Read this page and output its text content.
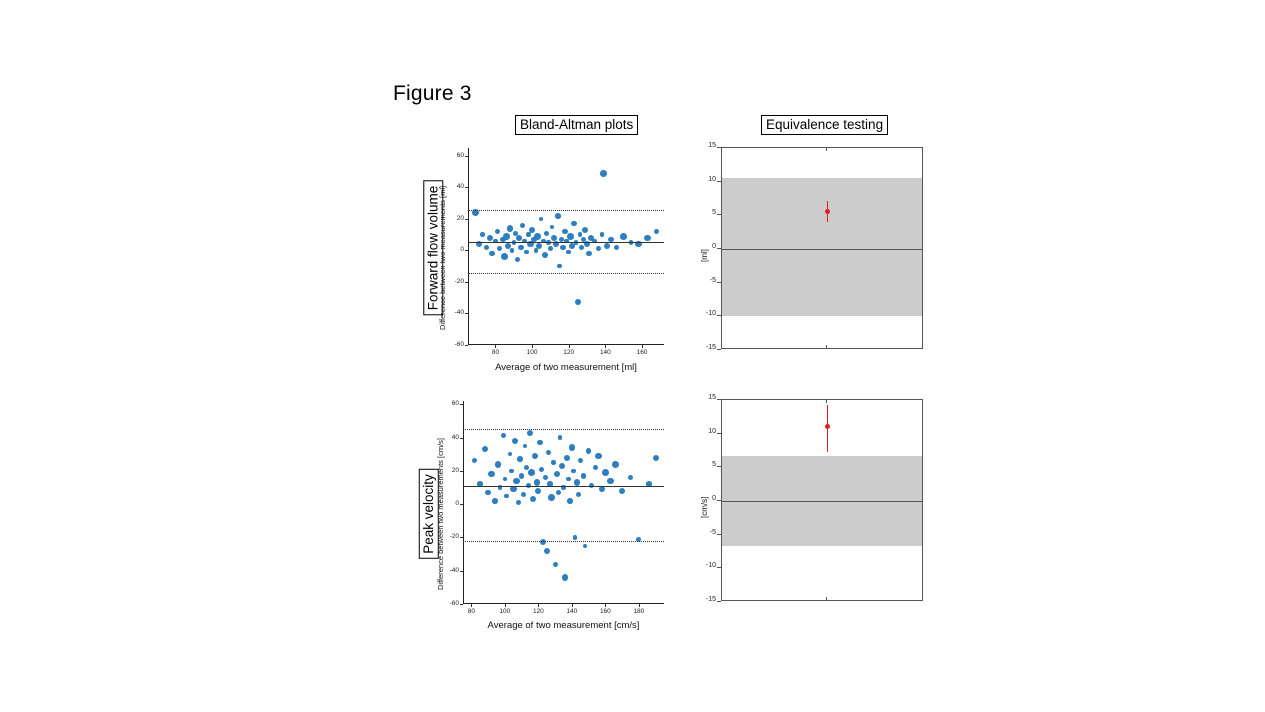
Figure 3
Bland-Altman plots	Equivalence testing
Forward flow volume
Peak velocity
-60
-40
-20
0
20
40
60
80	100	120	140	160
Average of two measurement [ml]
Difference between two measurements [ml]
-15
-10
-5
0
5
10
15
[ml]
-60
-40
-20
0
20
40
60
80	100	120	140	160	180
Average of two measurement [cm/s]
Difference between two measurements [cm/s]
-15
-10
-5
0
5
10
15
[cm/s]
